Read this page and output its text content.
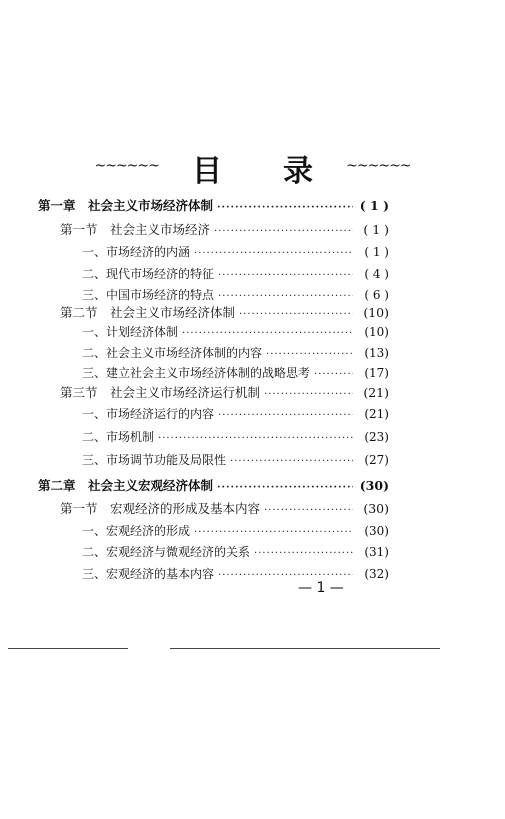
~~~~~~ 目 录 ~~~~~~
第一章　社会主义市场经济体制 ·····	( 1 )
第一节　社会主义市场经济 ·····	( 1 )
一、市场经济的内涵 ·····	( 1 )
二、现代市场经济的特征 ·····	( 4 )
三、中国市场经济的特点 ·····	( 6 )
第二节　社会主义市场经济体制 ·····	(10)
一、计划经济体制 ·····	(10)
二、社会主义市场经济体制的内容 ·····	(13)
三、建立社会主义市场经济体制的战略思考 ·····	(17)
第三节　社会主义市场经济运行机制 ·····	(21)
一、市场经济运行的内容 ·····	(21)
二、市场机制 ·····	(23)
三、市场调节功能及局限性 ·····	(27)
第二章　社会主义宏观经济体制 ·····	(30)
第一节　宏观经济的形成及基本内容 ·····	(30)
一、宏观经济的形成 ·····	(30)
二、宏观经济与微观经济的关系 ·····	(31)
三、宏观经济的基本内容 ·····	(32)
— 1 —
